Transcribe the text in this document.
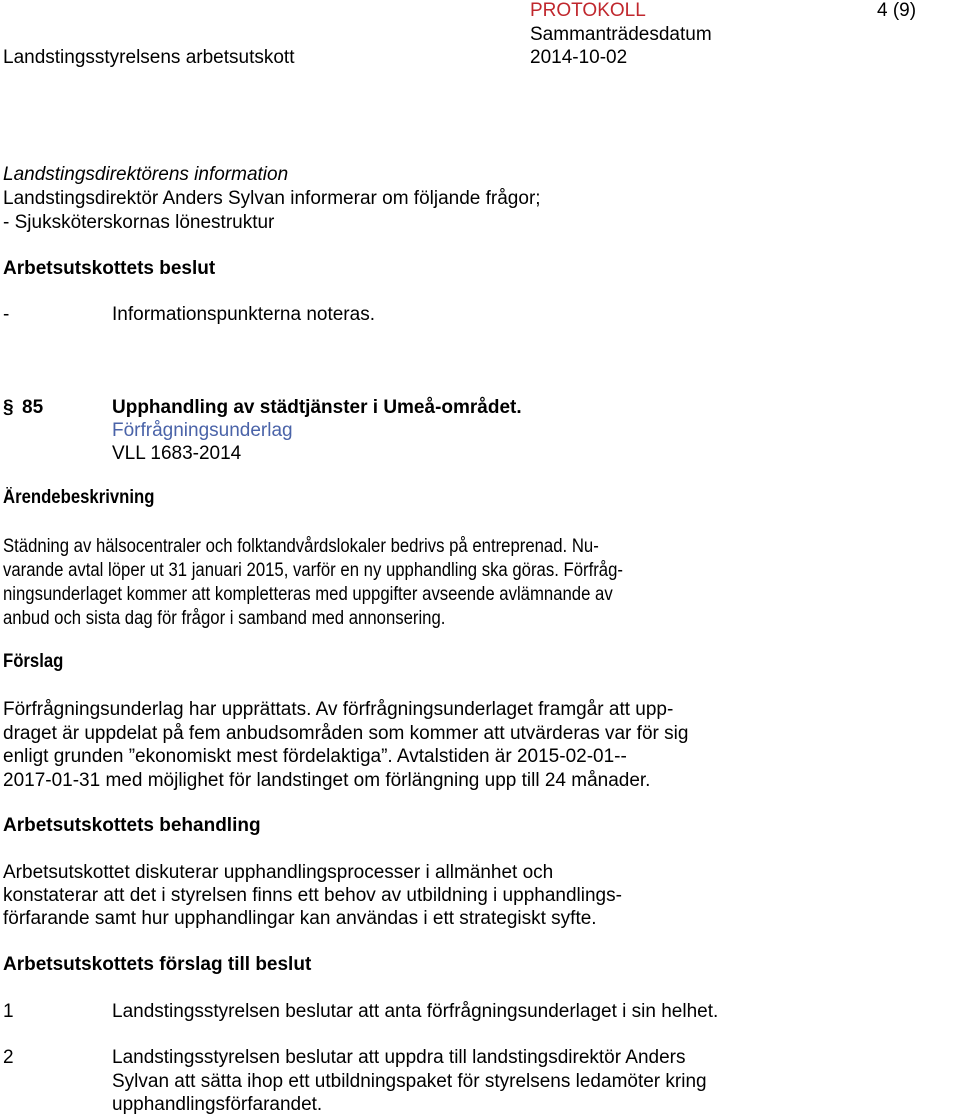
PROTOKOLL	4 (9)
Landstingsstyrelsens arbetsutskott
Sammanträdesdatum
2014-10-02
Landstingsdirektörens information
Landstingsdirektör Anders Sylvan informerar om följande frågor;
- Sjuksköterskornas lönestruktur
Arbetsutskottets beslut
-	Informationspunkterna noteras.
§ 85	Upphandling av städtjänster i Umeå-området.
Förfrågningsunderlag
VLL 1683-2014
Ärendebeskrivning
Städning av hälsocentraler och folktandvårdslokaler bedrivs på entreprenad. Nu-
varande avtal löper ut 31 januari 2015, varför en ny upphandling ska göras. Förfråg-
ningsunderlaget kommer att kompletteras med uppgifter avseende avlämnande av
anbud och sista dag för frågor i samband med annonsering.
Förslag
Förfrågningsunderlag har upprättats. Av förfrågningsunderlaget framgår att upp-
draget är uppdelat på fem anbudsområden som kommer att utvärderas var för sig
enligt grunden ”ekonomiskt mest fördelaktiga”. Avtalstiden är 2015-02-01--
2017-01-31 med möjlighet för landstinget om förlängning upp till 24 månader.
Arbetsutskottets behandling
Arbetsutskottet diskuterar upphandlingsprocesser i allmänhet och
konstaterar att det i styrelsen finns ett behov av utbildning i upphandlings-
förfarande samt hur upphandlingar kan användas i ett strategiskt syfte.
Arbetsutskottets förslag till beslut
1	Landstingsstyrelsen beslutar att anta förfrågningsunderlaget i sin helhet.
2	Landstingsstyrelsen beslutar att uppdra till landstingsdirektör Anders
Sylvan att sätta ihop ett utbildningspaket för styrelsens ledamöter kring
upphandlingsförfarandet.
